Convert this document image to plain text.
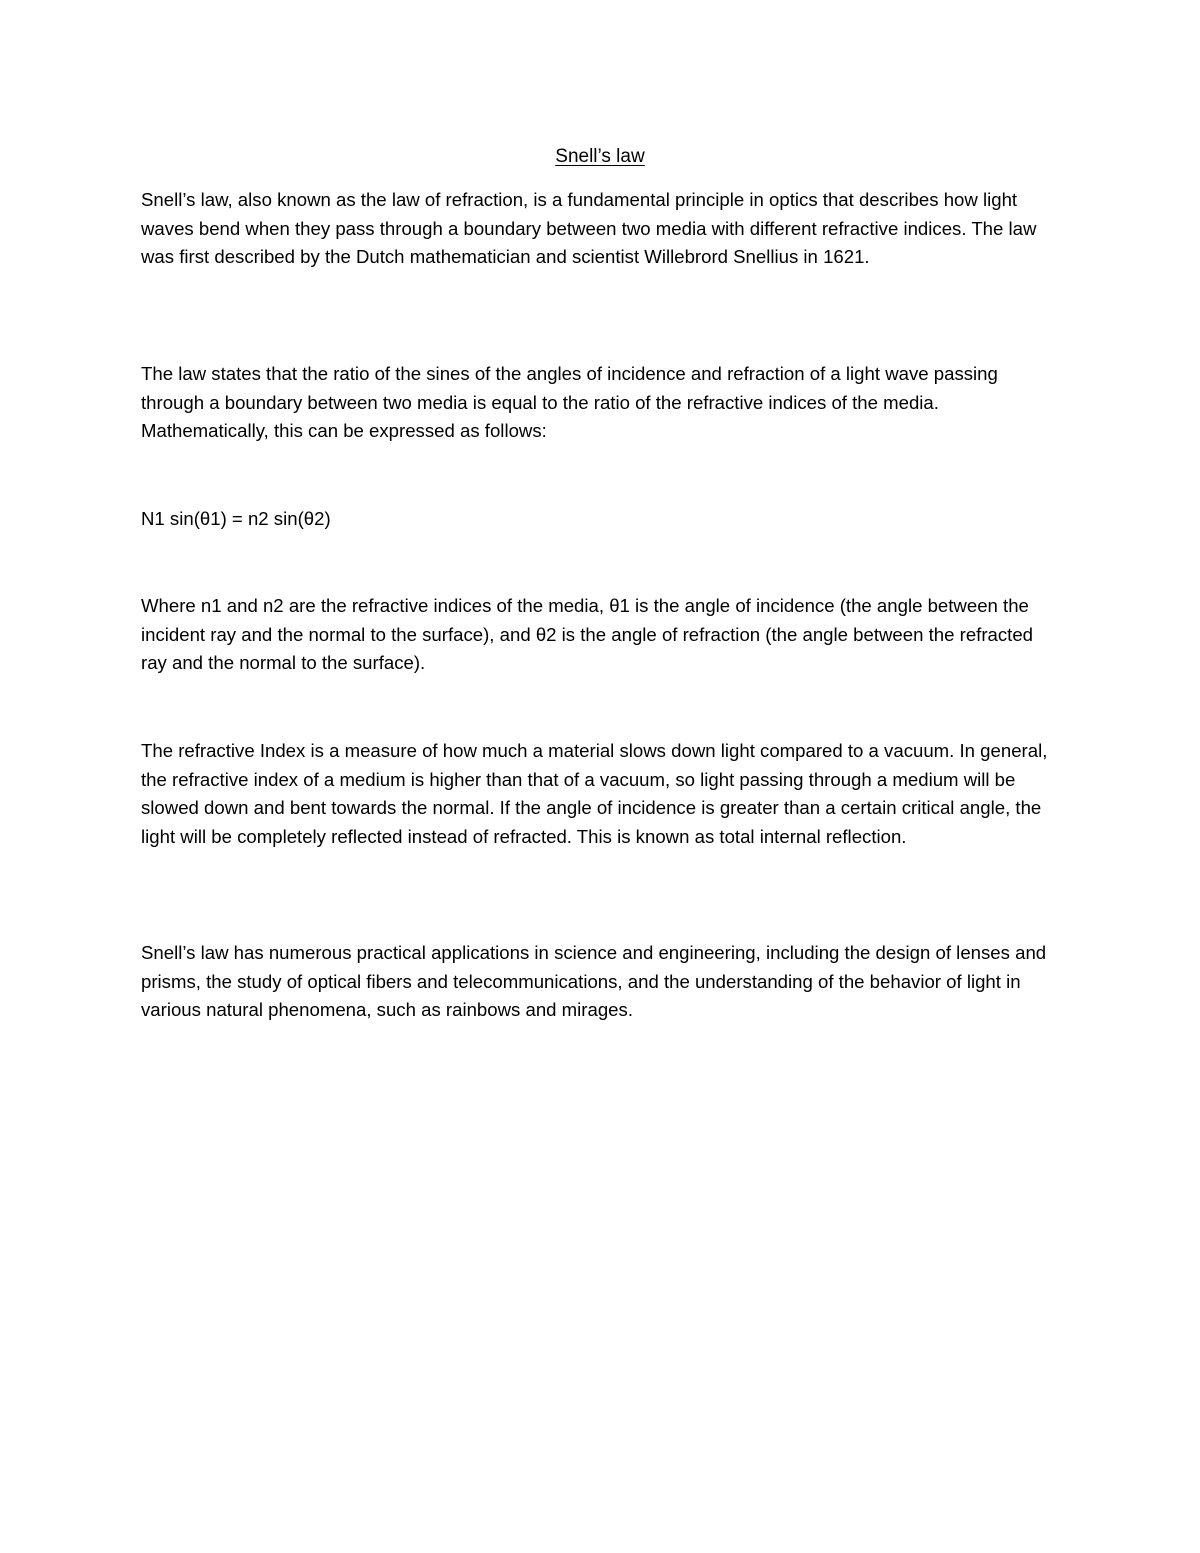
Snell’s law

Snell’s law, also known as the law of refraction, is a fundamental principle in optics that describes how light waves bend when they pass through a boundary between two media with different refractive indices. The law was first described by the Dutch mathematician and scientist Willebrord Snellius in 1621.

The law states that the ratio of the sines of the angles of incidence and refraction of a light wave passing through a boundary between two media is equal to the ratio of the refractive indices of the media. Mathematically, this can be expressed as follows:

N1 sin(θ1) = n2 sin(θ2)

Where n1 and n2 are the refractive indices of the media, θ1 is the angle of incidence (the angle between the incident ray and the normal to the surface), and θ2 is the angle of refraction (the angle between the refracted ray and the normal to the surface).

The refractive Index is a measure of how much a material slows down light compared to a vacuum. In general, the refractive index of a medium is higher than that of a vacuum, so light passing through a medium will be slowed down and bent towards the normal. If the angle of incidence is greater than a certain critical angle, the light will be completely reflected instead of refracted. This is known as total internal reflection.

Snell’s law has numerous practical applications in science and engineering, including the design of lenses and prisms, the study of optical fibers and telecommunications, and the understanding of the behavior of light in various natural phenomena, such as rainbows and mirages.
